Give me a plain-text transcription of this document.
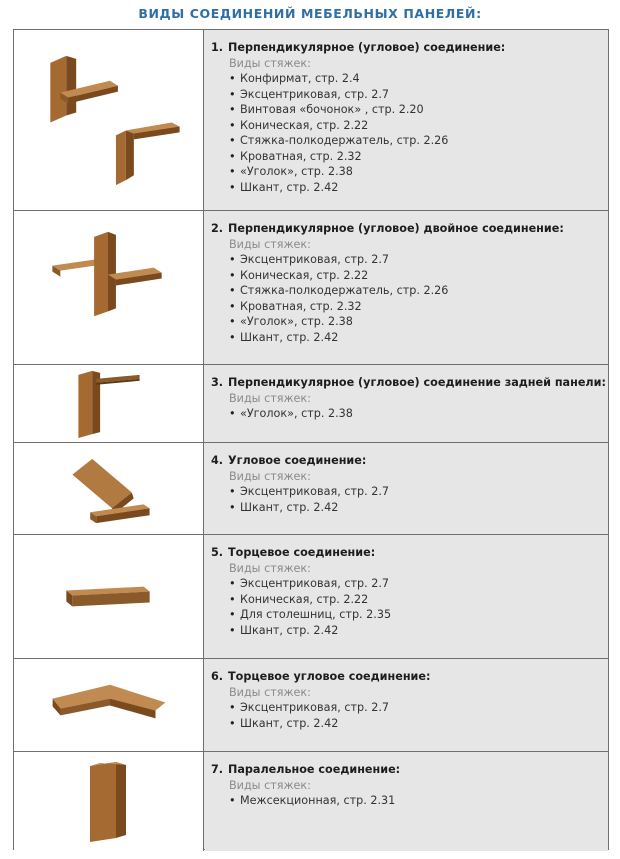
ВИДЫ СОЕДИНЕНИЙ МЕБЕЛЬНЫХ ПАНЕЛЕЙ:
1. Перпендикулярное (угловое) соединение:
Виды стяжек:
• Конфирмат, стр. 2.4
• Эксцентриковая, стр. 2.7
• Винтовая «бочонок» , стр. 2.20
• Коническая, стр. 2.22
• Стяжка-полкодержатель, стр. 2.26
• Кроватная, стр. 2.32
• «Уголок», стр. 2.38
• Шкант, стр. 2.42
2. Перпендикулярное (угловое) двойное соединение:
Виды стяжек:
• Эксцентриковая, стр. 2.7
• Коническая, стр. 2.22
• Стяжка-полкодержатель, стр. 2.26
• Кроватная, стр. 2.32
• «Уголок», стр. 2.38
• Шкант, стр. 2.42
3. Перпендикулярное (угловое) соединение задней панели:
Виды стяжек:
• «Уголок», стр. 2.38
4. Угловое соединение:
Виды стяжек:
• Эксцентриковая, стр. 2.7
• Шкант, стр. 2.42
5. Торцевое соединение:
Виды стяжек:
• Эксцентриковая, стр. 2.7
• Коническая, стр. 2.22
• Для столешниц, стр. 2.35
• Шкант, стр. 2.42
6. Торцевое угловое соединение:
Виды стяжек:
• Эксцентриковая, стр. 2.7
• Шкант, стр. 2.42
7. Паралельное соединение:
Виды стяжек:
• Межсекционная, стр. 2.31
